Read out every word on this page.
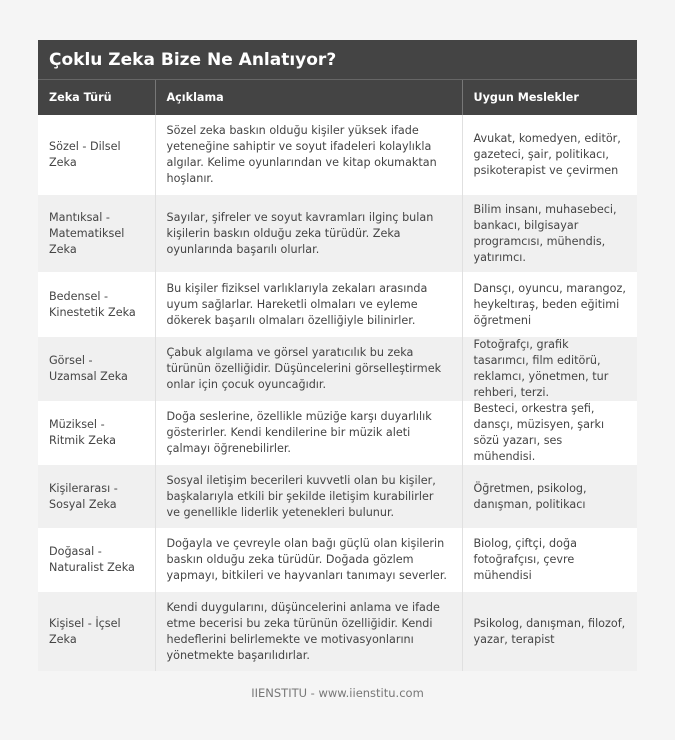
Çoklu Zeka Bize Ne Anlatıyor?
Zeka Türü	Açıklama	Uygun Meslekler
Sözel - Dilsel Zeka	Sözel zeka baskın olduğu kişiler yüksek ifade yeteneğine sahiptir ve soyut ifadeleri kolaylıkla algılar. Kelime oyunlarından ve kitap okumaktan hoşlanır.	Avukat, komedyen, editör, gazeteci, şair, politikacı, psikoterapist ve çevirmen
Mantıksal - Matematiksel Zeka	Sayılar, şifreler ve soyut kavramları ilginç bulan kişilerin baskın olduğu zeka türüdür. Zeka oyunlarında başarılı olurlar.	Bilim insanı, muhasebeci, bankacı, bilgisayar programcısı, mühendis, yatırımcı.
Bedensel - Kinestetik Zeka	Bu kişiler fiziksel varlıklarıyla zekaları arasında uyum sağlarlar. Hareketli olmaları ve eyleme dökerek başarılı olmaları özelliğiyle bilinirler.	Dansçı, oyuncu, marangoz, heykeltıraş, beden eğitimi öğretmeni
Görsel - Uzamsal Zeka	Çabuk algılama ve görsel yaratıcılık bu zeka türünün özelliğidir. Düşüncelerini görselleştirmek onlar için çocuk oyuncağıdır.	Fotoğrafçı, grafik tasarımcı, film editörü, reklamcı, yönetmen, tur rehberi, terzi.
Müziksel - Ritmik Zeka	Doğa seslerine, özellikle müziğe karşı duyarlılık gösterirler. Kendi kendilerine bir müzik aleti çalmayı öğrenebilirler.	Besteci, orkestra şefi, dansçı, müzisyen, şarkı sözü yazarı, ses mühendisi.
Kişilerarası - Sosyal Zeka	Sosyal iletişim becerileri kuvvetli olan bu kişiler, başkalarıyla etkili bir şekilde iletişim kurabilirler ve genellikle liderlik yetenekleri bulunur.	Öğretmen, psikolog, danışman, politikacı
Doğasal - Naturalist Zeka	Doğayla ve çevreyle olan bağı güçlü olan kişilerin baskın olduğu zeka türüdür. Doğada gözlem yapmayı, bitkileri ve hayvanları tanımayı severler.	Biolog, çiftçi, doğa fotoğrafçısı, çevre mühendisi
Kişisel - İçsel Zeka	Kendi duygularını, düşüncelerini anlama ve ifade etme becerisi bu zeka türünün özelliğidir. Kendi hedeflerini belirlemekte ve motivasyonlarını yönetmekte başarılıdırlar.	Psikolog, danışman, filozof, yazar, terapist
IIENSTITU - www.iienstitu.com
